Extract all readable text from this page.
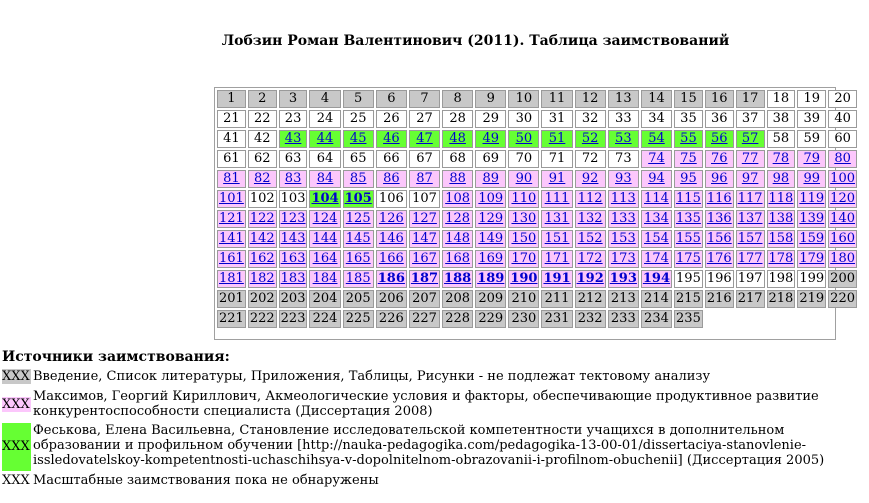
Лобзин Роман Валентинович (2011). Таблица заимствований
1	2	3	4	5	6	7	8	9	10	11	12	13	14	15	16	17	18	19	20
21	22	23	24	25	26	27	28	29	30	31	32	33	34	35	36	37	38	39	40
41	42	43	44	45	46	47	48	49	50	51	52	53	54	55	56	57	58	59	60
61	62	63	64	65	66	67	68	69	70	71	72	73	74	75	76	77	78	79	80
81	82	83	84	85	86	87	88	89	90	91	92	93	94	95	96	97	98	99	100
101	102	103	104	105	106	107	108	109	110	111	112	113	114	115	116	117	118	119	120
121	122	123	124	125	126	127	128	129	130	131	132	133	134	135	136	137	138	139	140
141	142	143	144	145	146	147	148	149	150	151	152	153	154	155	156	157	158	159	160
161	162	163	164	165	166	167	168	169	170	171	172	173	174	175	176	177	178	179	180
181	182	183	184	185	186	187	188	189	190	191	192	193	194	195	196	197	198	199	200
201	202	203	204	205	206	207	208	209	210	211	212	213	214	215	216	217	218	219	220
221	222	223	224	225	226	227	228	229	230	231	232	233	234	235					
Источники заимствования:
XXX Введение, Список литературы, Приложения, Таблицы, Рисунки - не подлежат тектовому анализу
XXX
Максимов, Георгий Кириллович, Акмеологические условия и факторы, обеспечивающие продуктивное развитие конкурентоспособности специалиста (Диссертация 2008)
XXX
Феськова, Елена Васильевна, Становление исследовательской компетентности учащихся в дополнительном образовании и профильном обучении [http://nauka-pedagogika.com/pedagogika-13-00-01/dissertaciya-stanovlenie-issledovatelskoy-kompetentnosti-uchaschihsya-v-dopolnitelnom-obrazovanii-i-profilnom-obuchenii] (Диссертация 2005)
XXX Масштабные заимствования пока не обнаружены
